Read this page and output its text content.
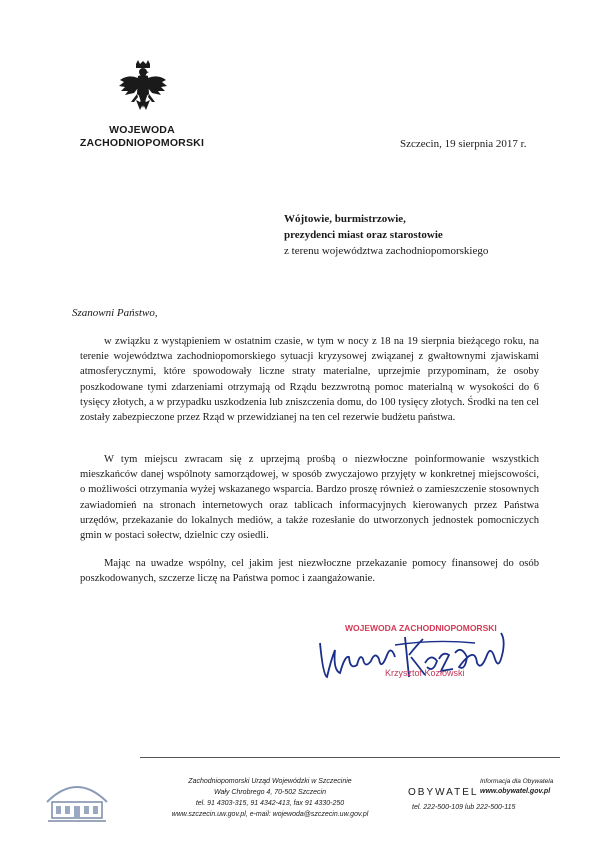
WOJEWODA
ZACHODNIOPOMORSKI	Szczecin, 19 sierpnia 2017 r.
Wójtowie, burmistrzowie,
prezydenci miast oraz starostowie
z terenu województwa zachodniopomorskiego
Szanowni Państwo,
w związku z wystąpieniem w ostatnim czasie, w tym w nocy z 18 na 19 sierpnia bieżącego roku, na terenie województwa zachodniopomorskiego sytuacji kryzysowej związanej z gwałtownymi zjawiskami atmosferycznymi, które spowodowały liczne straty materialne, uprzejmie przypominam, że osoby poszkodowane tymi zdarzeniami otrzymają od Rządu bezzwrotną pomoc materialną w wysokości do 6 tysięcy złotych, a w przypadku uszkodzenia lub zniszczenia domu, do 100 tysięcy złotych. Środki na ten cel zostały zabezpieczone przez Rząd w przewidzianej na ten cel rezerwie budżetu państwa.
W tym miejscu zwracam się z uprzejmą prośbą o niezwłoczne poinformowanie wszystkich mieszkańców danej wspólnoty samorządowej, w sposób zwyczajowo przyjęty w konkretnej miejscowości, o możliwości otrzymania wyżej wskazanego wsparcia. Bardzo proszę również o zamieszczenie stosownych zawiadomień na stronach internetowych oraz tablicach informacyjnych kierowanych przez Państwa urzędów, przekazanie do lokalnych mediów, a także rozesłanie do utworzonych jednostek pomocniczych gmin w postaci sołectw, dzielnic czy osiedli.
Mając na uwadze wspólny, cel jakim jest niezwłoczne przekazanie pomocy finansowej do osób poszkodowanych, szczerze liczę na Państwa pomoc i zaangażowanie.
WOJEWODA ZACHODNIOPOMORSKI
Krzysztof Kozłowski
Zachodniopomorski Urząd Wojewódzki w Szczecinie
Wały Chrobrego 4, 70-502 Szczecin
tel. 91 4303-315, 91 4342-413, fax 91 4330-250
www.szczecin.uw.gov.pl, e-mail: wojewoda@szczecin.uw.gov.pl
OBYWATEL
Informacja dla Obywatela
www.obywatel.gov.pl
tel. 222-500-109 lub 222-500-115
